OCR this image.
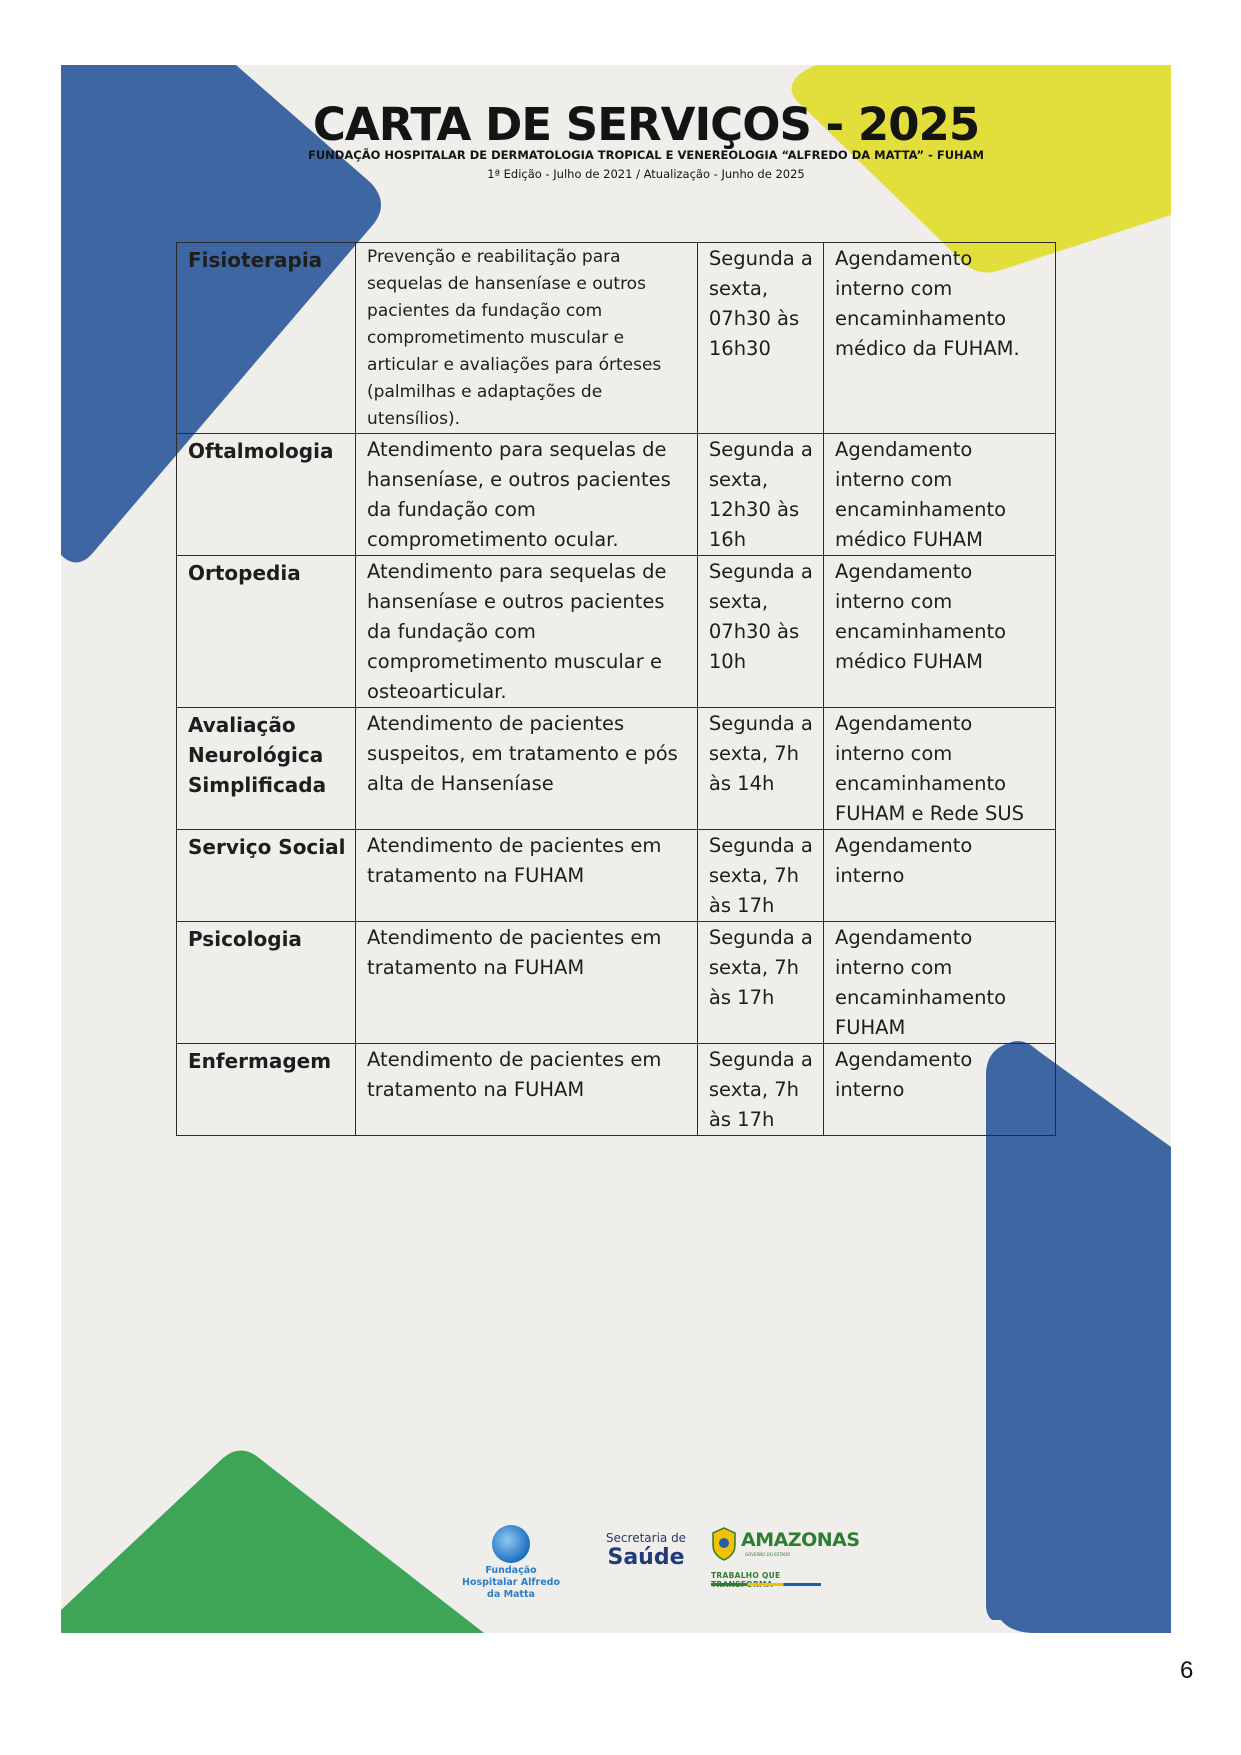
CARTA DE SERVIÇOS - 2025
FUNDAÇÃO HOSPITALAR DE DERMATOLOGIA TROPICAL E VENEREOLOGIA “ALFREDO DA MATTA” - FUHAM
1ª Edição - Julho de 2021 / Atualização - Junho de 2025
Fisioterapia	Prevenção e reabilitação para sequelas de hanseníase e outros pacientes da fundação com comprometimento muscular e articular e avaliações para órteses (palmilhas e adaptações de utensílios).	Segunda a sexta, 07h30 às 16h30	Agendamento interno com encaminhamento médico da FUHAM.
Oftalmologia	Atendimento para sequelas de hanseníase, e outros pacientes da fundação com comprometimento ocular.	Segunda a sexta, 12h30 às 16h	Agendamento interno com encaminhamento médico FUHAM
Ortopedia	Atendimento para sequelas de hanseníase e outros pacientes da fundação com comprometimento muscular e osteoarticular.	Segunda a sexta, 07h30 às 10h	Agendamento interno com encaminhamento médico FUHAM
Avaliação Neurológica Simplificada	Atendimento de pacientes suspeitos, em tratamento e pós alta de Hanseníase	Segunda a sexta, 7h às 14h	Agendamento interno com encaminhamento FUHAM e Rede SUS
Serviço Social	Atendimento de pacientes em tratamento na FUHAM	Segunda a sexta, 7h às 17h	Agendamento interno
Psicologia	Atendimento de pacientes em tratamento na FUHAM	Segunda a sexta, 7h às 17h	Agendamento interno com encaminhamento FUHAM
Enfermagem	Atendimento de pacientes em tratamento na FUHAM	Segunda a sexta, 7h às 17h	Agendamento interno
Fundação Hospitalar Alfredo da Matta
Secretaria de
Saúde
AMAZONAS
GOVERNO DO ESTADO
TRABALHO QUE
6
